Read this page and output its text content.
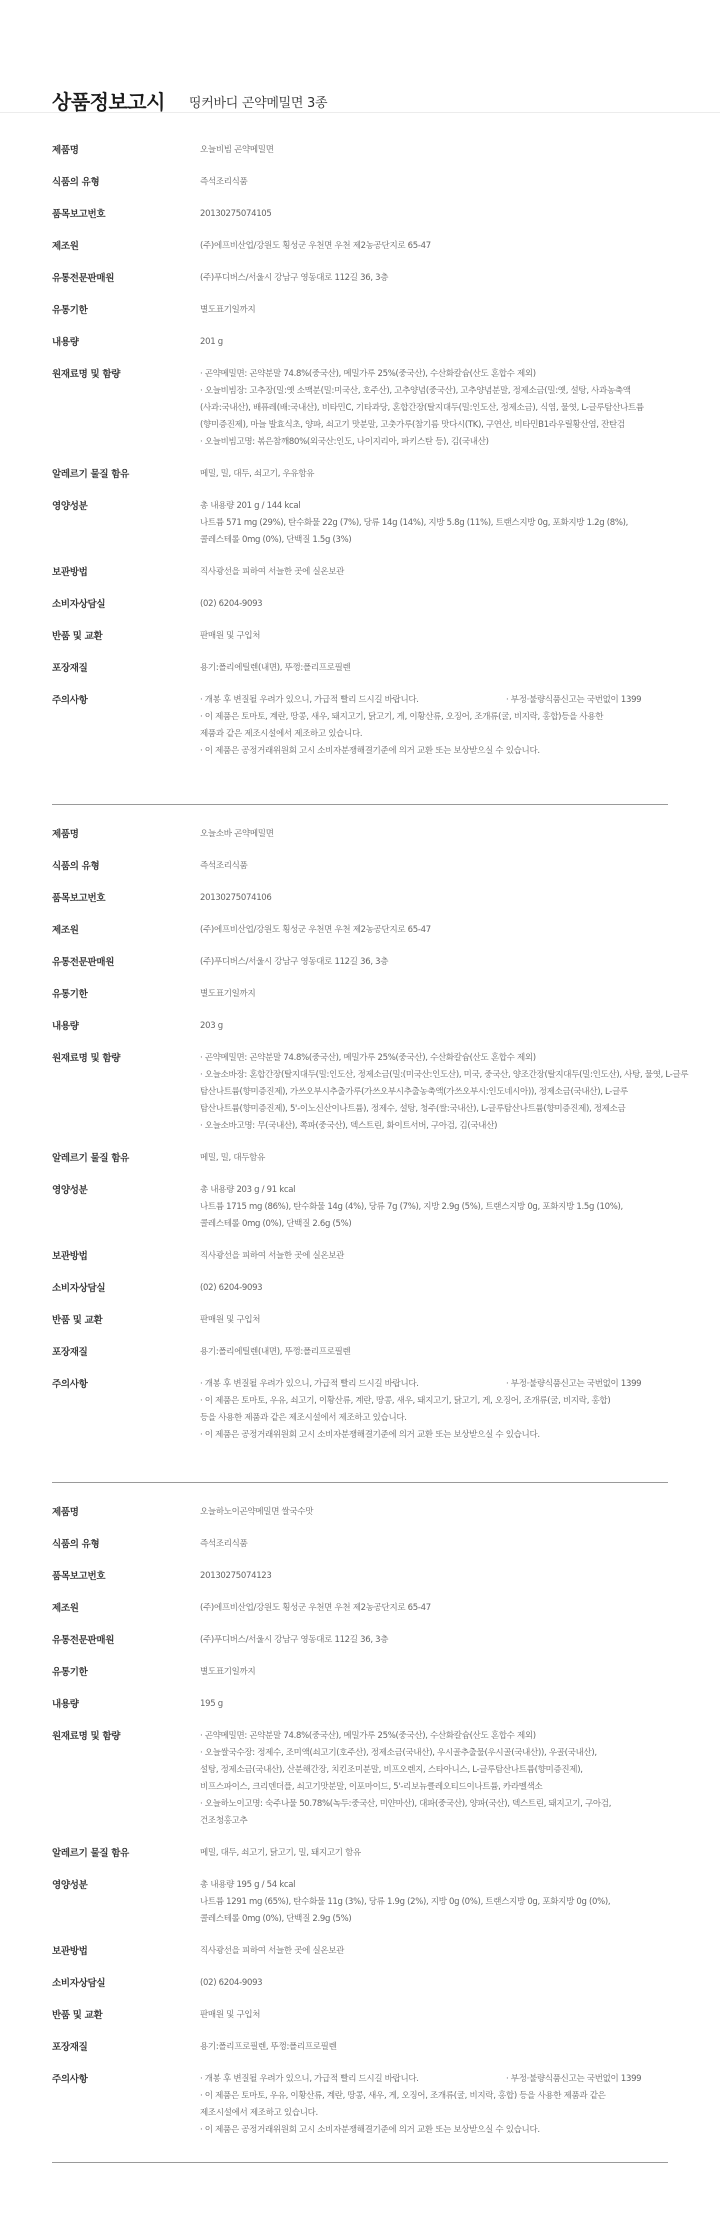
상품정보고시 띵커바디 곤약메밀면 3종
제품명	오늘비빔 곤약메밀면
식품의 유형	즉석조리식품
품목보고번호	20130275074105
제조원	(주)에프비산업/강원도 횡성군 우천면 우천 제2농공단지로 65-47
유통전문판매원	(주)푸디버스/서울시 강남구 영동대로 112길 36, 3층
유통기한	별도표기일까지
내용량	201 g
원재료명 및 함량	· 곤약메밀면: 곤약분말 74.8%(중국산), 메밀가루 25%(중국산), 수산화칼슘(산도 혼합수 제외)
· 오늘비빔장: 고추장(밀:옛 소맥분(밀:미국산, 호주산), 고추양념(중국산), 고추양념분말, 정제소금(밀:옛, 설탕, 사과농축액
(사과:국내산), 배퓨레(배:국내산), 비타민C, 기타과당, 혼합간장(탈지대두(밀:인도산, 정제소금), 식염, 물엿, L-글루탐산나트륨
(향미증진제), 마늘 발효식초, 양파, 쇠고기 맛분말, 고춧가루(참기름 맛다시(TK), 구연산, 비타민B1라우릴황산염, 잔탄검
· 오늘비빔고명: 볶은참깨80%(외국산:인도, 나이지리아, 파키스탄 등), 김(국내산)
알레르기 물질 함유	메밀, 밀, 대두, 쇠고기, 우유함유
영양성분	총 내용량 201 g / 144 kcal
나트륨 571 mg (29%), 탄수화물 22g (7%), 당류 14g (14%), 지방 5.8g (11%), 트랜스지방 0g, 포화지방 1.2g (8%),
콜레스테롤 0mg (0%), 단백질 1.5g (3%)
보관방법	직사광선을 피하여 서늘한 곳에 실온보관
소비자상담실	(02) 6204-9093
반품 및 교환	판매원 및 구입처
포장재질	용기:폴리에틸렌(내면), 뚜껑:폴리프로필렌
주의사항	· 개봉 후 변질될 우려가 있으니, 가급적 빨리 드시길 바랍니다.	· 부정·불량식품신고는 국번없이 1399
· 이 제품은 토마토, 계란, 땅콩, 새우, 돼지고기, 닭고기, 게, 이황산류, 오징어, 조개류(굴, 비지락, 홍합)등을 사용한
제품과 같은 제조시설에서 제조하고 있습니다.
· 이 제품은 공정거래위원회 고시 소비자분쟁해결기준에 의거 교환 또는 보상받으실 수 있습니다.
제품명	오늘소바 곤약메밀면
식품의 유형	즉석조리식품
품목보고번호	20130275074106
제조원	(주)에프비산업/강원도 횡성군 우천면 우천 제2농공단지로 65-47
유통전문판매원	(주)푸디버스/서울시 강남구 영동대로 112길 36, 3층
유통기한	별도표기일까지
내용량	203 g
원재료명 및 함량	· 곤약메밀면: 곤약분말 74.8%(중국산), 메밀가루 25%(중국산), 수산화칼슘(산도 혼합수 제외)
· 오늘소바장: 혼합간장(탈지대두(밀:인도산, 정제소금(밀:(미국산:인도산), 미국, 중국산, 양조간장(탈지대두(밀:인도산), 사탕, 물엿, L-글루
탐산나트륨(향미증진제), 가쓰오부시추출가루(가쓰오부시추출농축액(가쓰오부시:인도네시아)), 정제소금(국내산), L-글루
탐산나트륨(향미증진제), 5'-이노신산이나트륨), 정제수, 설탕, 청주(쌀:국내산), L-글루탐산나트륨(향미증진제), 정제소금
· 오늘소바고명: 무(국내산), 쪽파(중국산), 덱스트린, 화이트서버, 구아검, 김(국내산)
알레르기 물질 함유	메밀, 밀, 대두함유
영양성분	총 내용량 203 g / 91 kcal
나트륨 1715 mg (86%), 탄수화물 14g (4%), 당류 7g (7%), 지방 2.9g (5%), 트랜스지방 0g, 포화지방 1.5g (10%),
콜레스테롤 0mg (0%), 단백질 2.6g (5%)
보관방법	직사광선을 피하여 서늘한 곳에 실온보관
소비자상담실	(02) 6204-9093
반품 및 교환	판매원 및 구입처
포장재질	용기:폴리에틸렌(내면), 뚜껑:폴리프로필렌
주의사항	· 개봉 후 변질될 우려가 있으니, 가급적 빨리 드시길 바랍니다.	· 부정·불량식품신고는 국번없이 1399
· 이 제품은 토마토, 우유, 쇠고기, 이황산류, 계란, 땅콩, 새우, 돼지고기, 닭고기, 게, 오징어, 조개류(굴, 비지락, 홍합)
등을 사용한 제품과 같은 제조시설에서 제조하고 있습니다.
· 이 제품은 공정거래위원회 고시 소비자분쟁해결기준에 의거 교환 또는 보상받으실 수 있습니다.
제품명	오늘하노이곤약메밀면 쌀국수맛
식품의 유형	즉석조리식품
품목보고번호	20130275074123
제조원	(주)에프비산업/강원도 횡성군 우천면 우천 제2농공단지로 65-47
유통전문판매원	(주)푸디버스/서울시 강남구 영동대로 112길 36, 3층
유통기한	별도표기일까지
내용량	195 g
원재료명 및 함량	· 곤약메밀면: 곤약분말 74.8%(중국산), 메밀가루 25%(중국산), 수산화칼슘(산도 혼합수 제외)
· 오늘쌀국수장: 정제수, 조미액(쇠고기(호주산), 정제소금(국내산), 우시골추출물(우시골(국내산)), 우골(국내산),
설탕, 정제소금(국내산), 산분해간장, 치킨조미분말, 비프오렌지, 스타아니스, L-글루탐산나트륨(향미증진제),
비프스파이스, 크리덴더플, 쇠고기맛분말, 이포마이드, 5'-리보뉴클레오티드이나트륨, 카라멜색소
· 오늘하노이고명: 숙주나물 50.78%(녹두:중국산, 미얀마산), 대파(중국산), 양파(국산), 덱스트린, 돼지고기, 구아검,
건조청홍고추
알레르기 물질 함유	메밀, 대두, 쇠고기, 닭고기, 밀, 돼지고기 함유
영양성분	총 내용량 195 g / 54 kcal
나트륨 1291 mg (65%), 탄수화물 11g (3%), 당류 1.9g (2%), 지방 0g (0%), 트랜스지방 0g, 포화지방 0g (0%),
콜레스테롤 0mg (0%), 단백질 2.9g (5%)
보관방법	직사광선을 피하여 서늘한 곳에 실온보관
소비자상담실	(02) 6204-9093
반품 및 교환	판매원 및 구입처
포장재질	용기:폴리프로필렌, 뚜껑:폴리프로필렌
주의사항	· 개봉 후 변질될 우려가 있으니, 가급적 빨리 드시길 바랍니다.	· 부정·불량식품신고는 국번없이 1399
· 이 제품은 토마토, 우유, 이황산류, 계란, 땅콩, 새우, 게, 오징어, 조개류(굴, 비지락, 홍합) 등을 사용한 제품과 같은
제조시설에서 제조하고 있습니다.
· 이 제품은 공정거래위원회 고시 소비자분쟁해결기준에 의거 교환 또는 보상받으실 수 있습니다.
